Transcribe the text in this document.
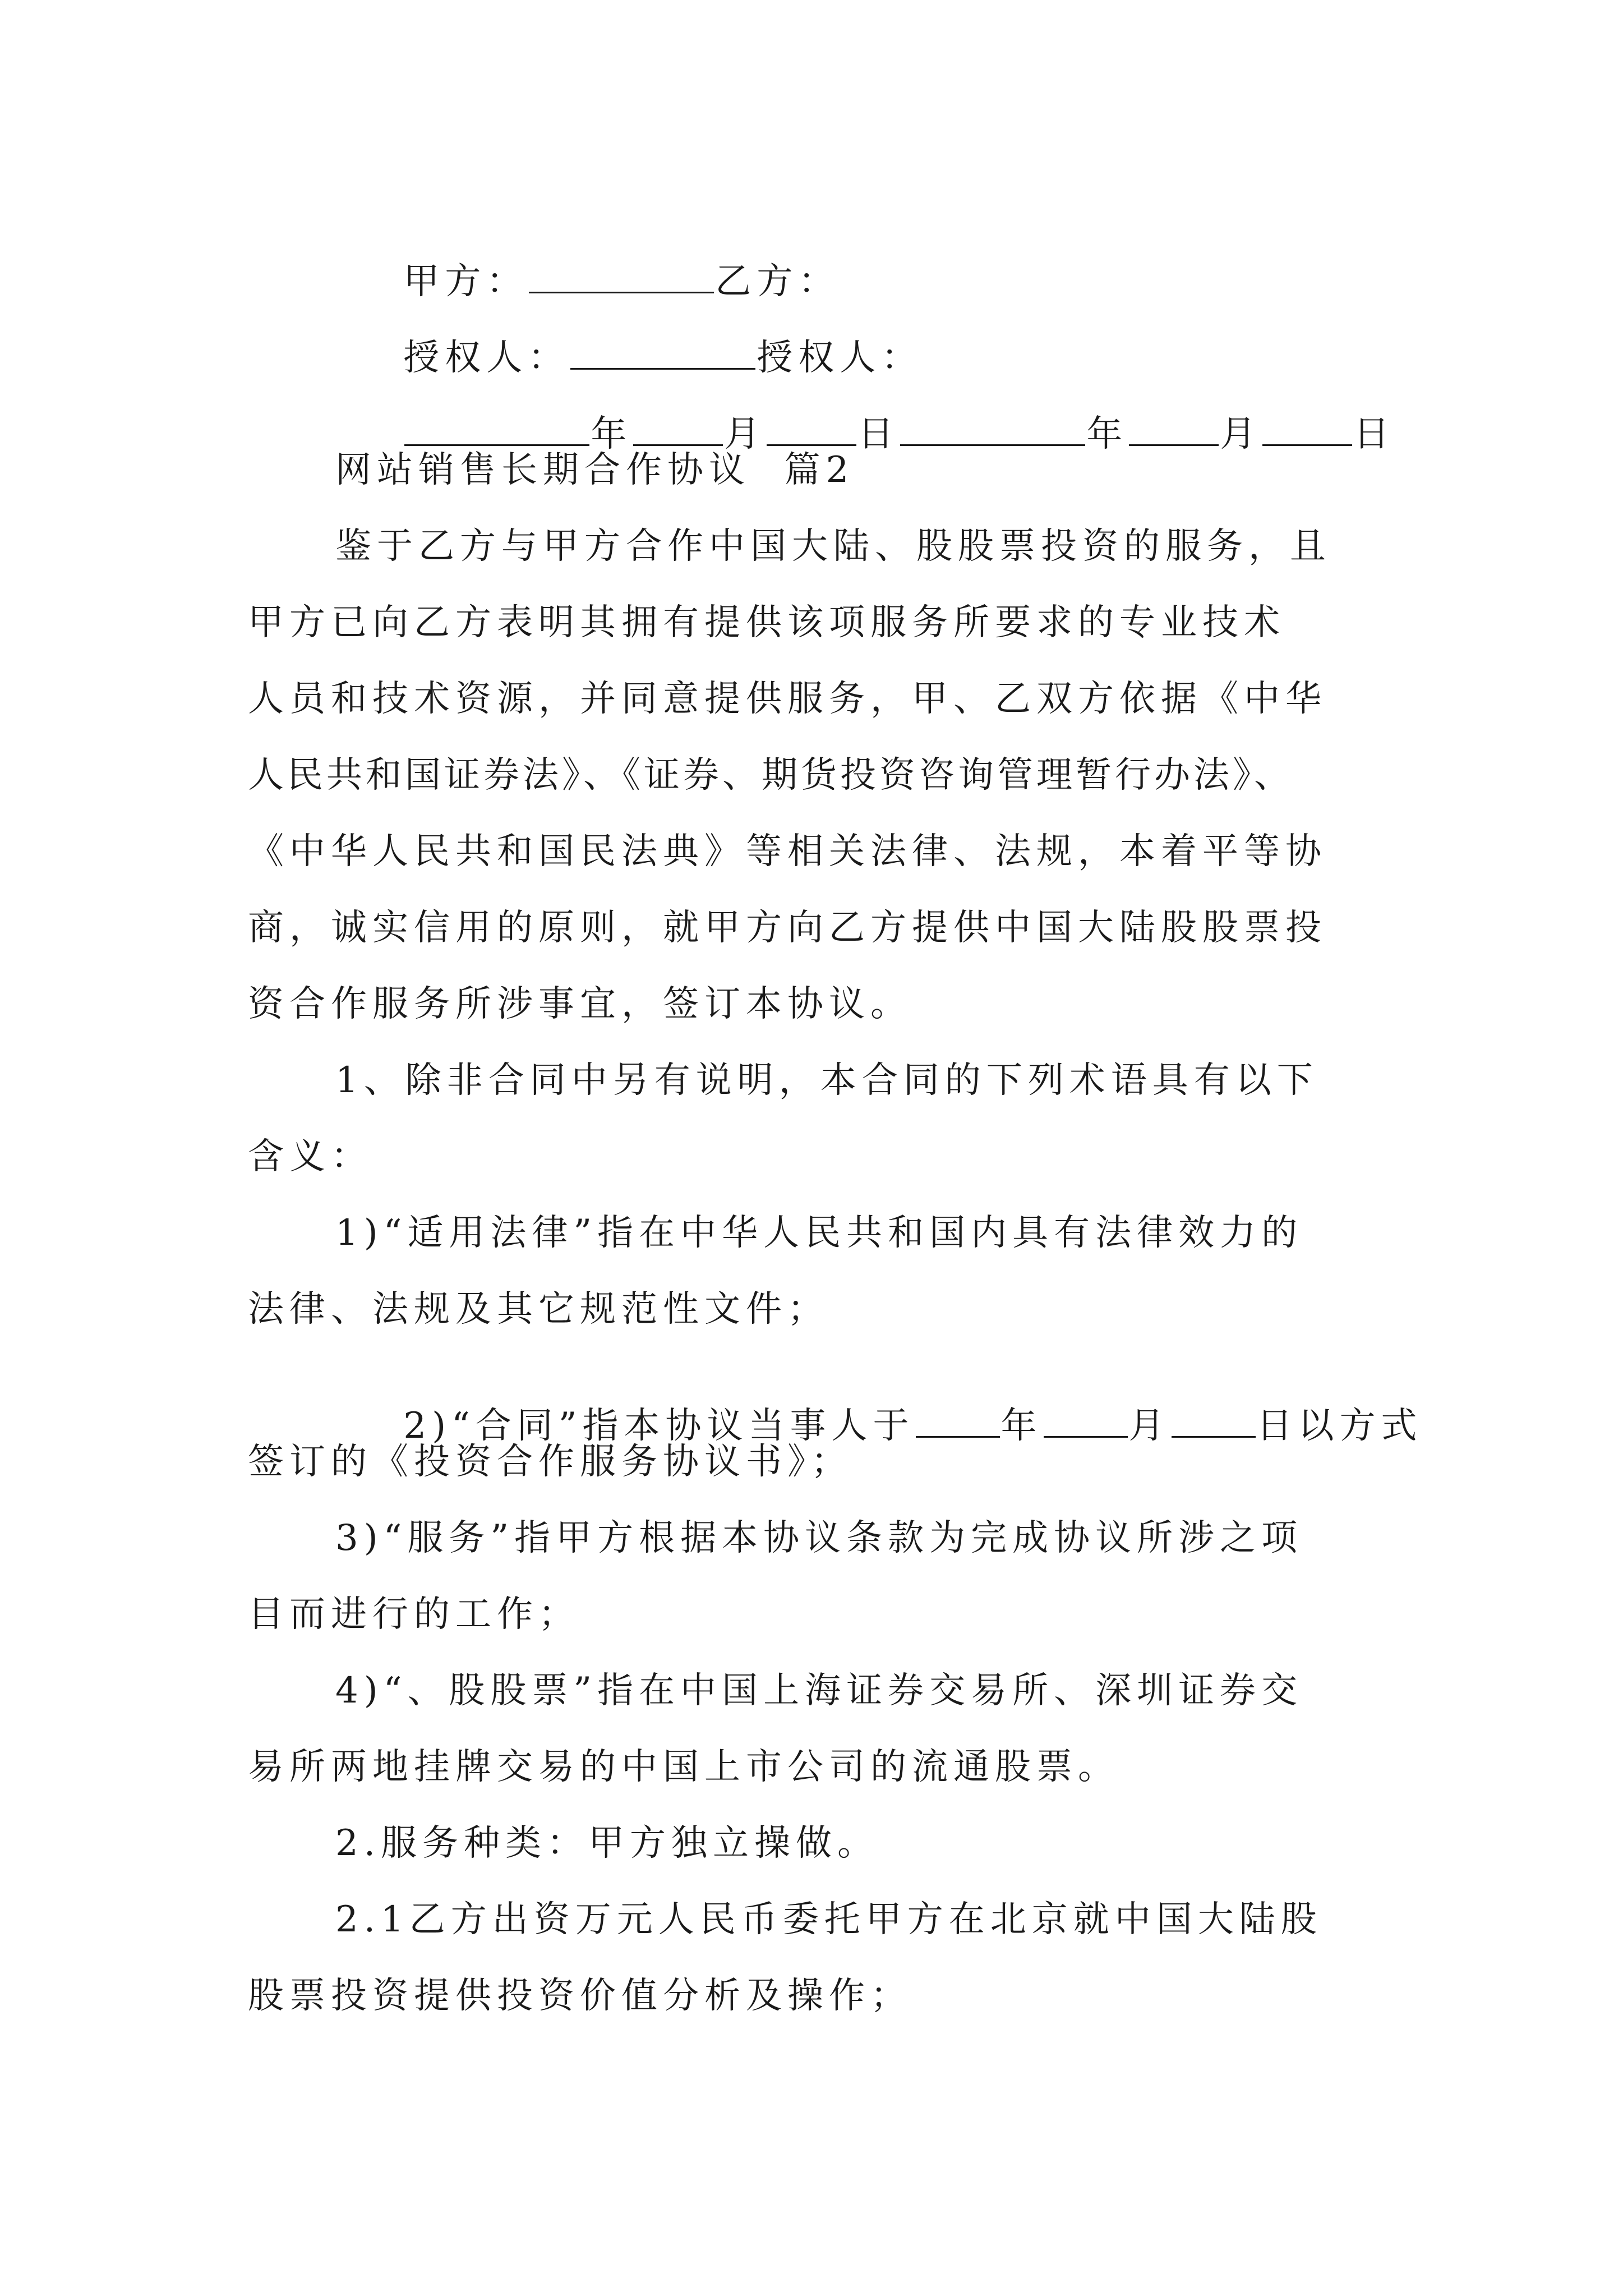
甲方：	乙方：

授权人：	授权人：

年	月	日	年	月	日

网站销售长期合作协议  篇2
鉴于乙方与甲方合作中国大陆、股股票投资的服务，且
甲方已向乙方表明其拥有提供该项服务所要求的专业技术
人员和技术资源，并同意提供服务，甲、乙双方依据《中华
人民共和国证券法》、《证券、期货投资咨询管理暂行办法》、
《中华人民共和国民法典》等相关法律、法规，本着平等协
商，诚实信用的原则，就甲方向乙方提供中国大陆股股票投
资合作服务所涉事宜，签订本协议。
1、除非合同中另有说明，本合同的下列术语具有以下
含义：
1)“适用法律”指在中华人民共和国内具有法律效力的
法律、法规及其它规范性文件；

2)“合同”指本协议当事人于 年 月 日以方式

签订的《投资合作服务协议书》；
3)“服务”指甲方根据本协议条款为完成协议所涉之项
目而进行的工作；
4)“、股股票”指在中国上海证券交易所、深圳证券交
易所两地挂牌交易的中国上市公司的流通股票。
2.服务种类：甲方独立操做。
2.1乙方出资万元人民币委托甲方在北京就中国大陆股
股票投资提供投资价值分析及操作；
